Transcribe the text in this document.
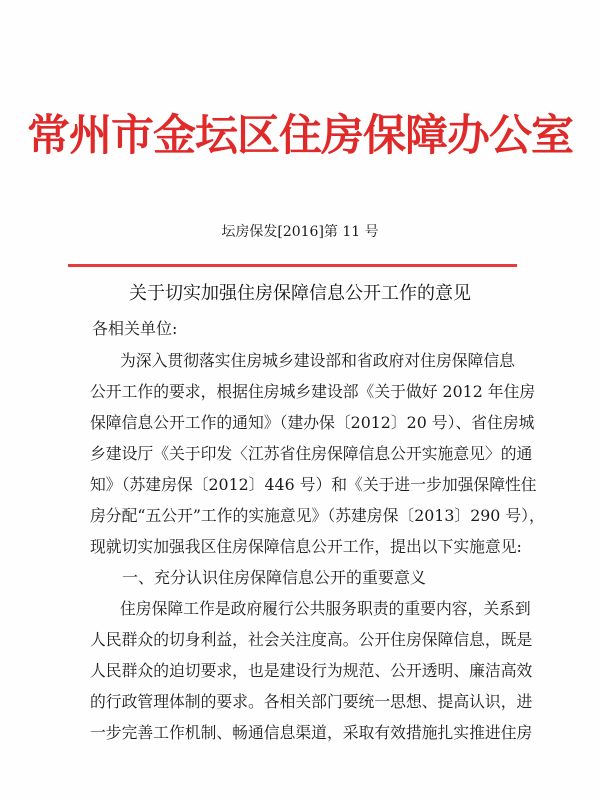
常州市金坛区住房保障办公室
坛房保发[2016]第 11 号
关于切实加强住房保障信息公开工作的意见
各相关单位:
为深入贯彻落实住房城乡建设部和省政府对住房保障信息
公开工作的要求，根据住房城乡建设部《关于做好 2012 年住房
保障信息公开工作的通知》（建办保〔2012〕20 号）、省住房城
乡建设厅《关于印发〈江苏省住房保障信息公开实施意见〉的通
知》（苏建房保〔2012〕446 号）和《关于进一步加强保障性住
房分配“五公开”工作的实施意见》（苏建房保〔2013〕290 号），
现就切实加强我区住房保障信息公开工作，提出以下实施意见:
一、充分认识住房保障信息公开的重要意义
住房保障工作是政府履行公共服务职责的重要内容，关系到
人民群众的切身利益，社会关注度高。公开住房保障信息，既是
人民群众的迫切要求，也是建设行为规范、公开透明、廉洁高效
的行政管理体制的要求。各相关部门要统一思想、提高认识，进
一步完善工作机制、畅通信息渠道，采取有效措施扎实推进住房
